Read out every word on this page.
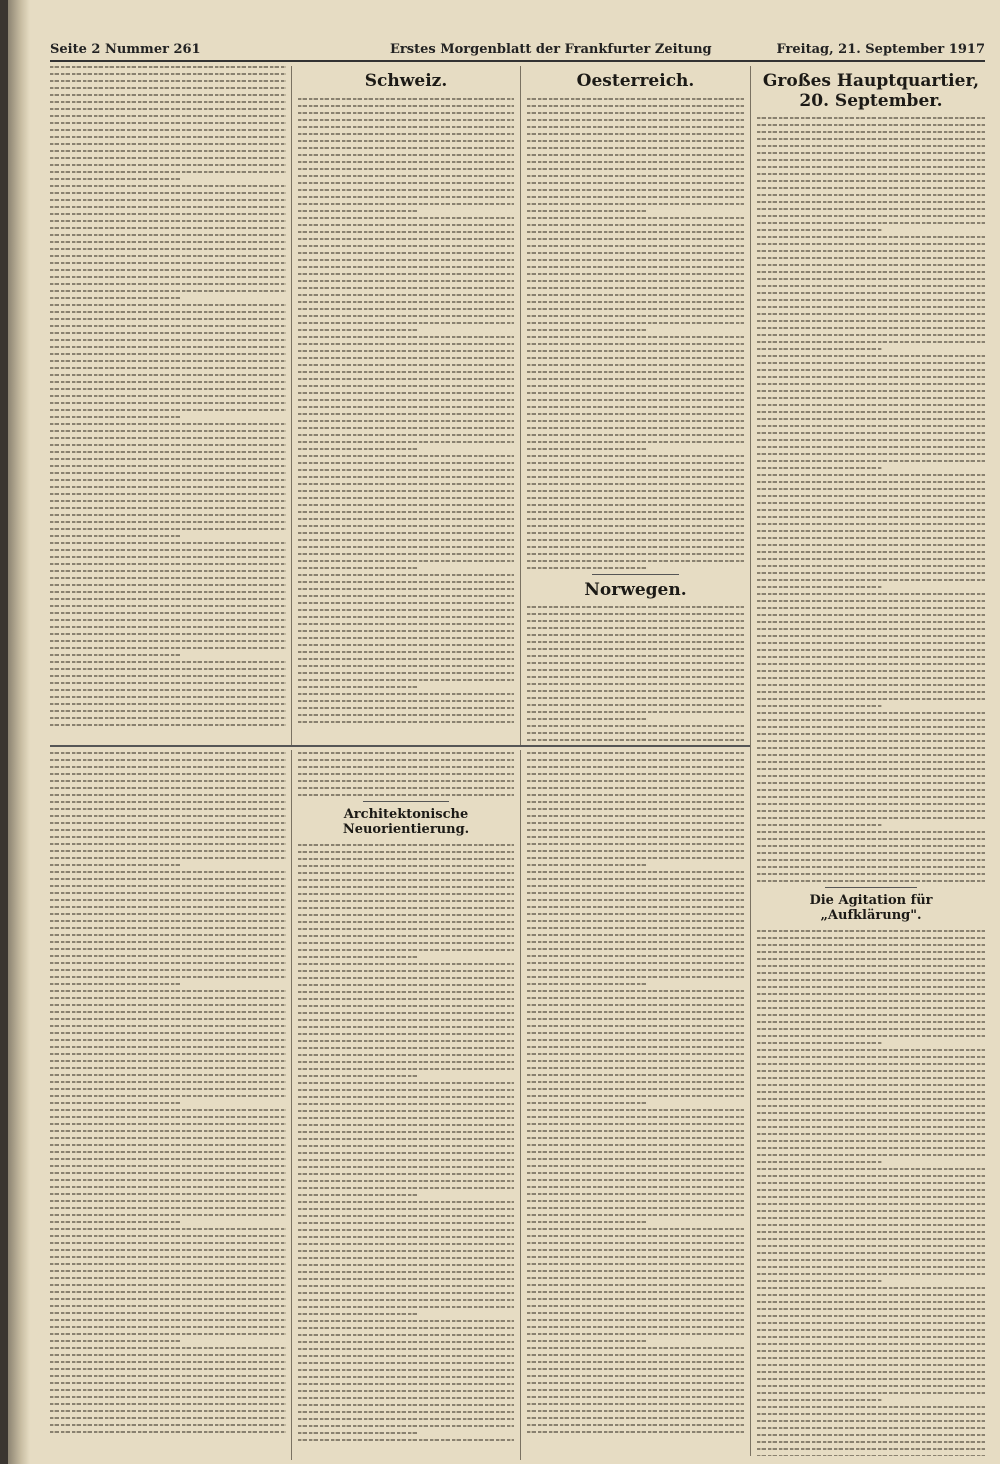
Seite 2 Nummer 261	Erstes Morgenblatt der Frankfurter Zeitung	Freitag, 21. September 1917
Schweiz.	Oesterreich.
Norwegen.
Großes Hauptquartier, 20. September.
Die Agitation für „Aufklärung".
Architektonische Neuorientierung.
